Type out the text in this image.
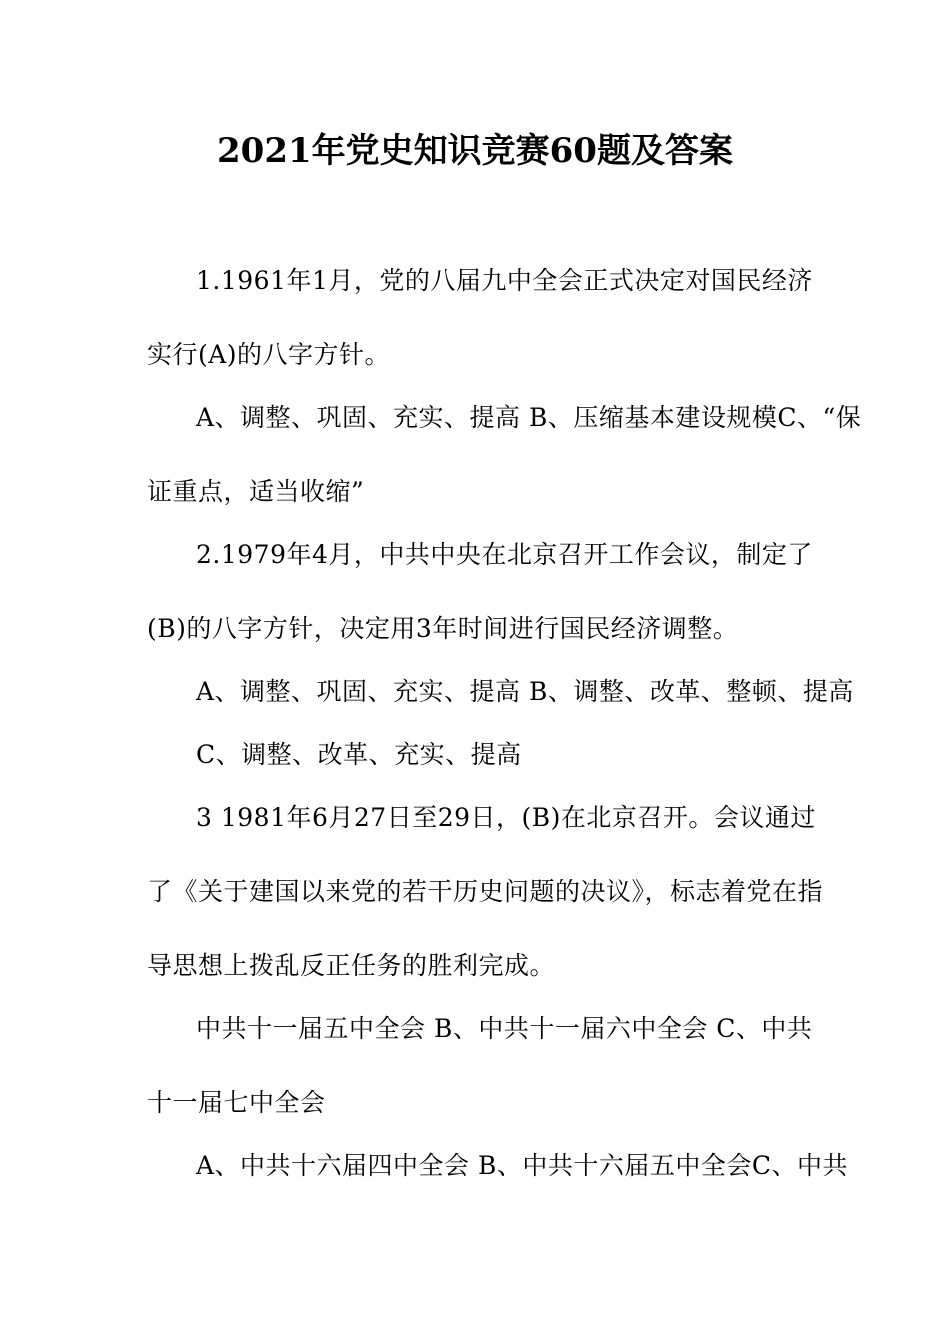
2021年党史知识竞赛60题及答案
1.1961年1月，党的八届九中全会正式决定对国民经济
实行(A)的八字方针。
A、调整、巩固、充实、提高 B、压缩基本建设规模C、“保
证重点，适当收缩”
2.1979年4月，中共中央在北京召开工作会议，制定了
(B)的八字方针，决定用3年时间进行国民经济调整。
A、调整、巩固、充实、提高 B、调整、改革、整顿、提高
C、调整、改革、充实、提高
3 1981年6月27日至29日，(B)在北京召开。会议通过
了《关于建国以来党的若干历史问题的决议》，标志着党在指
导思想上拨乱反正任务的胜利完成。
中共十一届五中全会 B、中共十一届六中全会 C、中共
十一届七中全会
A、中共十六届四中全会 B、中共十六届五中全会C、中共
